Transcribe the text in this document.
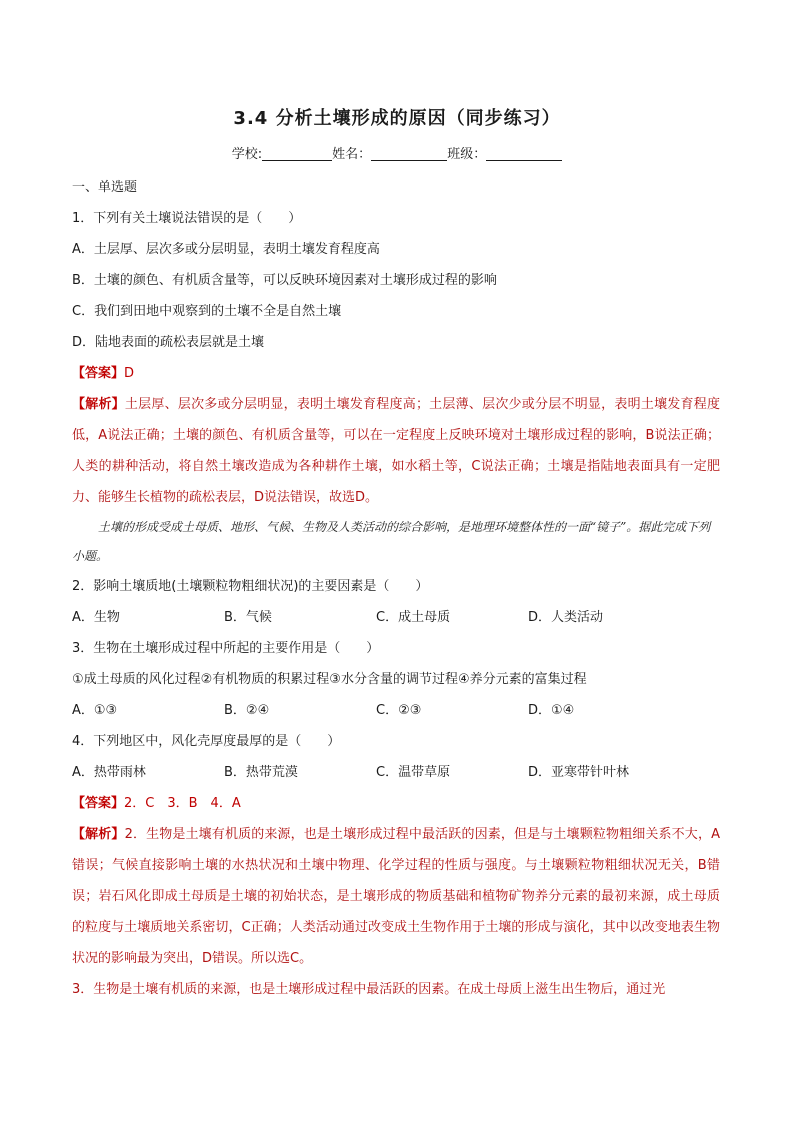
3.4 分析土壤形成的原因（同步练习）
学校:	姓名：	班级：
一、单选题
1．下列有关土壤说法错误的是（　　）
A．土层厚、层次多或分层明显，表明土壤发育程度高
B．土壤的颜色、有机质含量等，可以反映环境因素对土壤形成过程的影响
C．我们到田地中观察到的土壤不全是自然土壤
D．陆地表面的疏松表层就是土壤
【答案】D
【解析】土层厚、层次多或分层明显，表明土壤发育程度高；土层薄、层次少或分层不明显，表明土壤发育程度低，A说法正确；土壤的颜色、有机质含量等，可以在一定程度上反映环境对土壤形成过程的影响，B说法正确；人类的耕种活动，将自然土壤改造成为各种耕作土壤，如水稻土等，C说法正确；土壤是指陆地表面具有一定肥力、能够生长植物的疏松表层，D说法错误，故选D。
土壤的形成受成土母质、地形、气候、生物及人类活动的综合影响，是地理环境整体性的一面“镜子”。据此完成下列小题。
2．影响土壤质地(土壤颗粒物粗细状况)的主要因素是（　　）
A．生物	B．气候	C．成土母质	D．人类活动
3．生物在土壤形成过程中所起的主要作用是（　　）
①成土母质的风化过程②有机物质的积累过程③水分含量的调节过程④养分元素的富集过程
A．①③	B．②④	C．②③	D．①④
4．下列地区中，风化壳厚度最厚的是（　　）
A．热带雨林	B．热带荒漠	C．温带草原	D．亚寒带针叶林
【答案】2．C　3．B　4．A
【解析】2．生物是土壤有机质的来源，也是土壤形成过程中最活跃的因素，但是与土壤颗粒物粗细关系不大，A错误；气候直接影响土壤的水热状况和土壤中物理、化学过程的性质与强度。与土壤颗粒物粗细状况无关，B错误；岩石风化即成土母质是土壤的初始状态，是土壤形成的物质基础和植物矿物养分元素的最初来源，成土母质的粒度与土壤质地关系密切，C正确；人类活动通过改变成土生物作用于土壤的形成与演化，其中以改变地表生物状况的影响最为突出，D错误。所以选C。
3．生物是土壤有机质的来源，也是土壤形成过程中最活跃的因素。在成土母质上滋生出生物后，通过光
